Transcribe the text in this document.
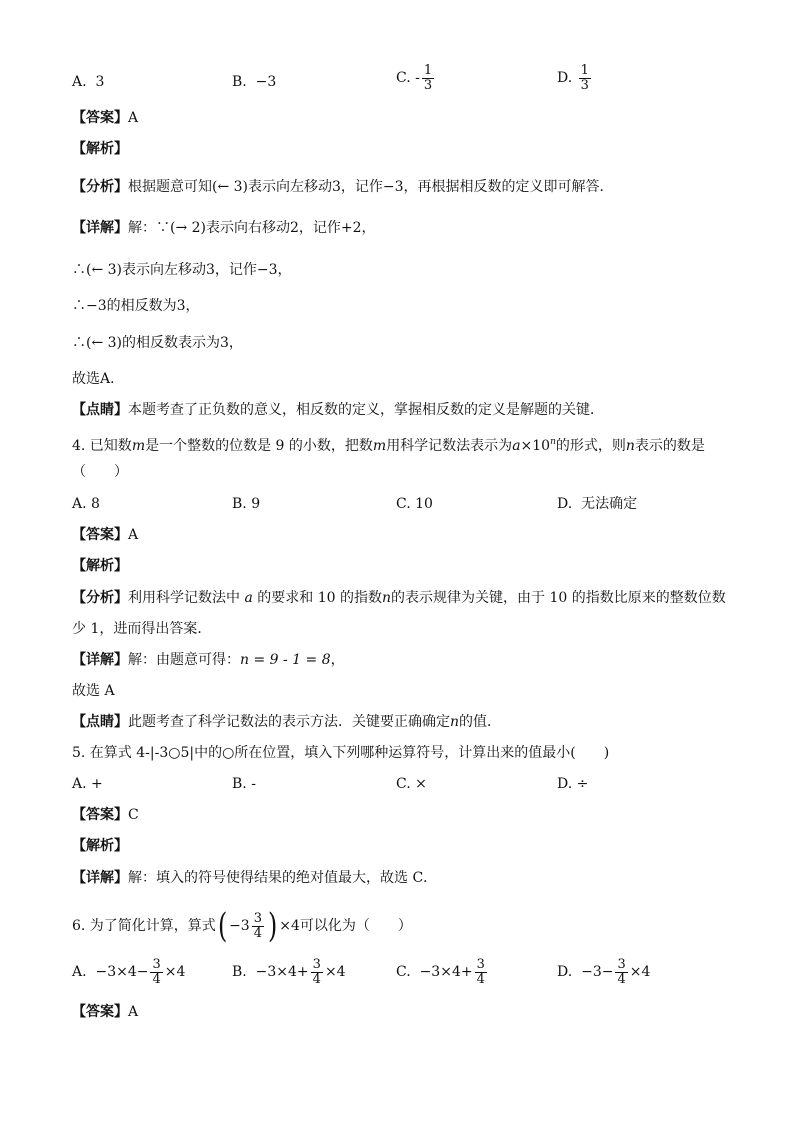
A. 3	B. −3	C. - $\frac{1}{3}$	D. $\frac{1}{3}$
【答案】A
【解析】
【分析】根据题意可知(← 3)表示向左移动3，记作−3，再根据相反数的定义即可解答．
【详解】解：∵(→ 2)表示向右移动2，记作+2，
∴(← 3)表示向左移动3，记作−3，
∴−3的相反数为3，
∴(← 3)的相反数表示为3，
故选A．
【点睛】本题考查了正负数的意义，相反数的定义，掌握相反数的定义是解题的关键．
4. 已知数m是一个整数的位数是 9 的小数，把数m用科学记数法表示为$a\times 10^n$的形式，则n表示的数是
（　　）
A. 8	B. 9	C. 10	D. 无法确定
【答案】A
【解析】
【分析】利用科学记数法中 a 的要求和 10 的指数n的表示规律为关键，由于 10 的指数比原来的整数位数
少 1，进而得出答案．
【详解】解：由题意可得：n = 9 - 1 = 8，
故选 A
【点睛】此题考查了科学记数法的表示方法．关键要正确确定n的值．
5. 在算式 4-|-3○5|中的○所在位置，填入下列哪种运算符号，计算出来的值最小(　　)
A. +	B. -	C. ×	D. ÷
【答案】C
【解析】
【详解】解：填入的符号使得结果的绝对值最大，故选 C．
6. 为了简化计算，算式( $-3 \frac{3}{4}$ ) ×4可以化为（　　）
A. $-3\times 4- \frac{3}{4} \times 4$	B. $-3\times 4+ \frac{3}{4} \times 4$	C. $-3\times 4+ \frac{3}{4}$	D. $-3- \frac{3}{4} \times 4$
【答案】A
